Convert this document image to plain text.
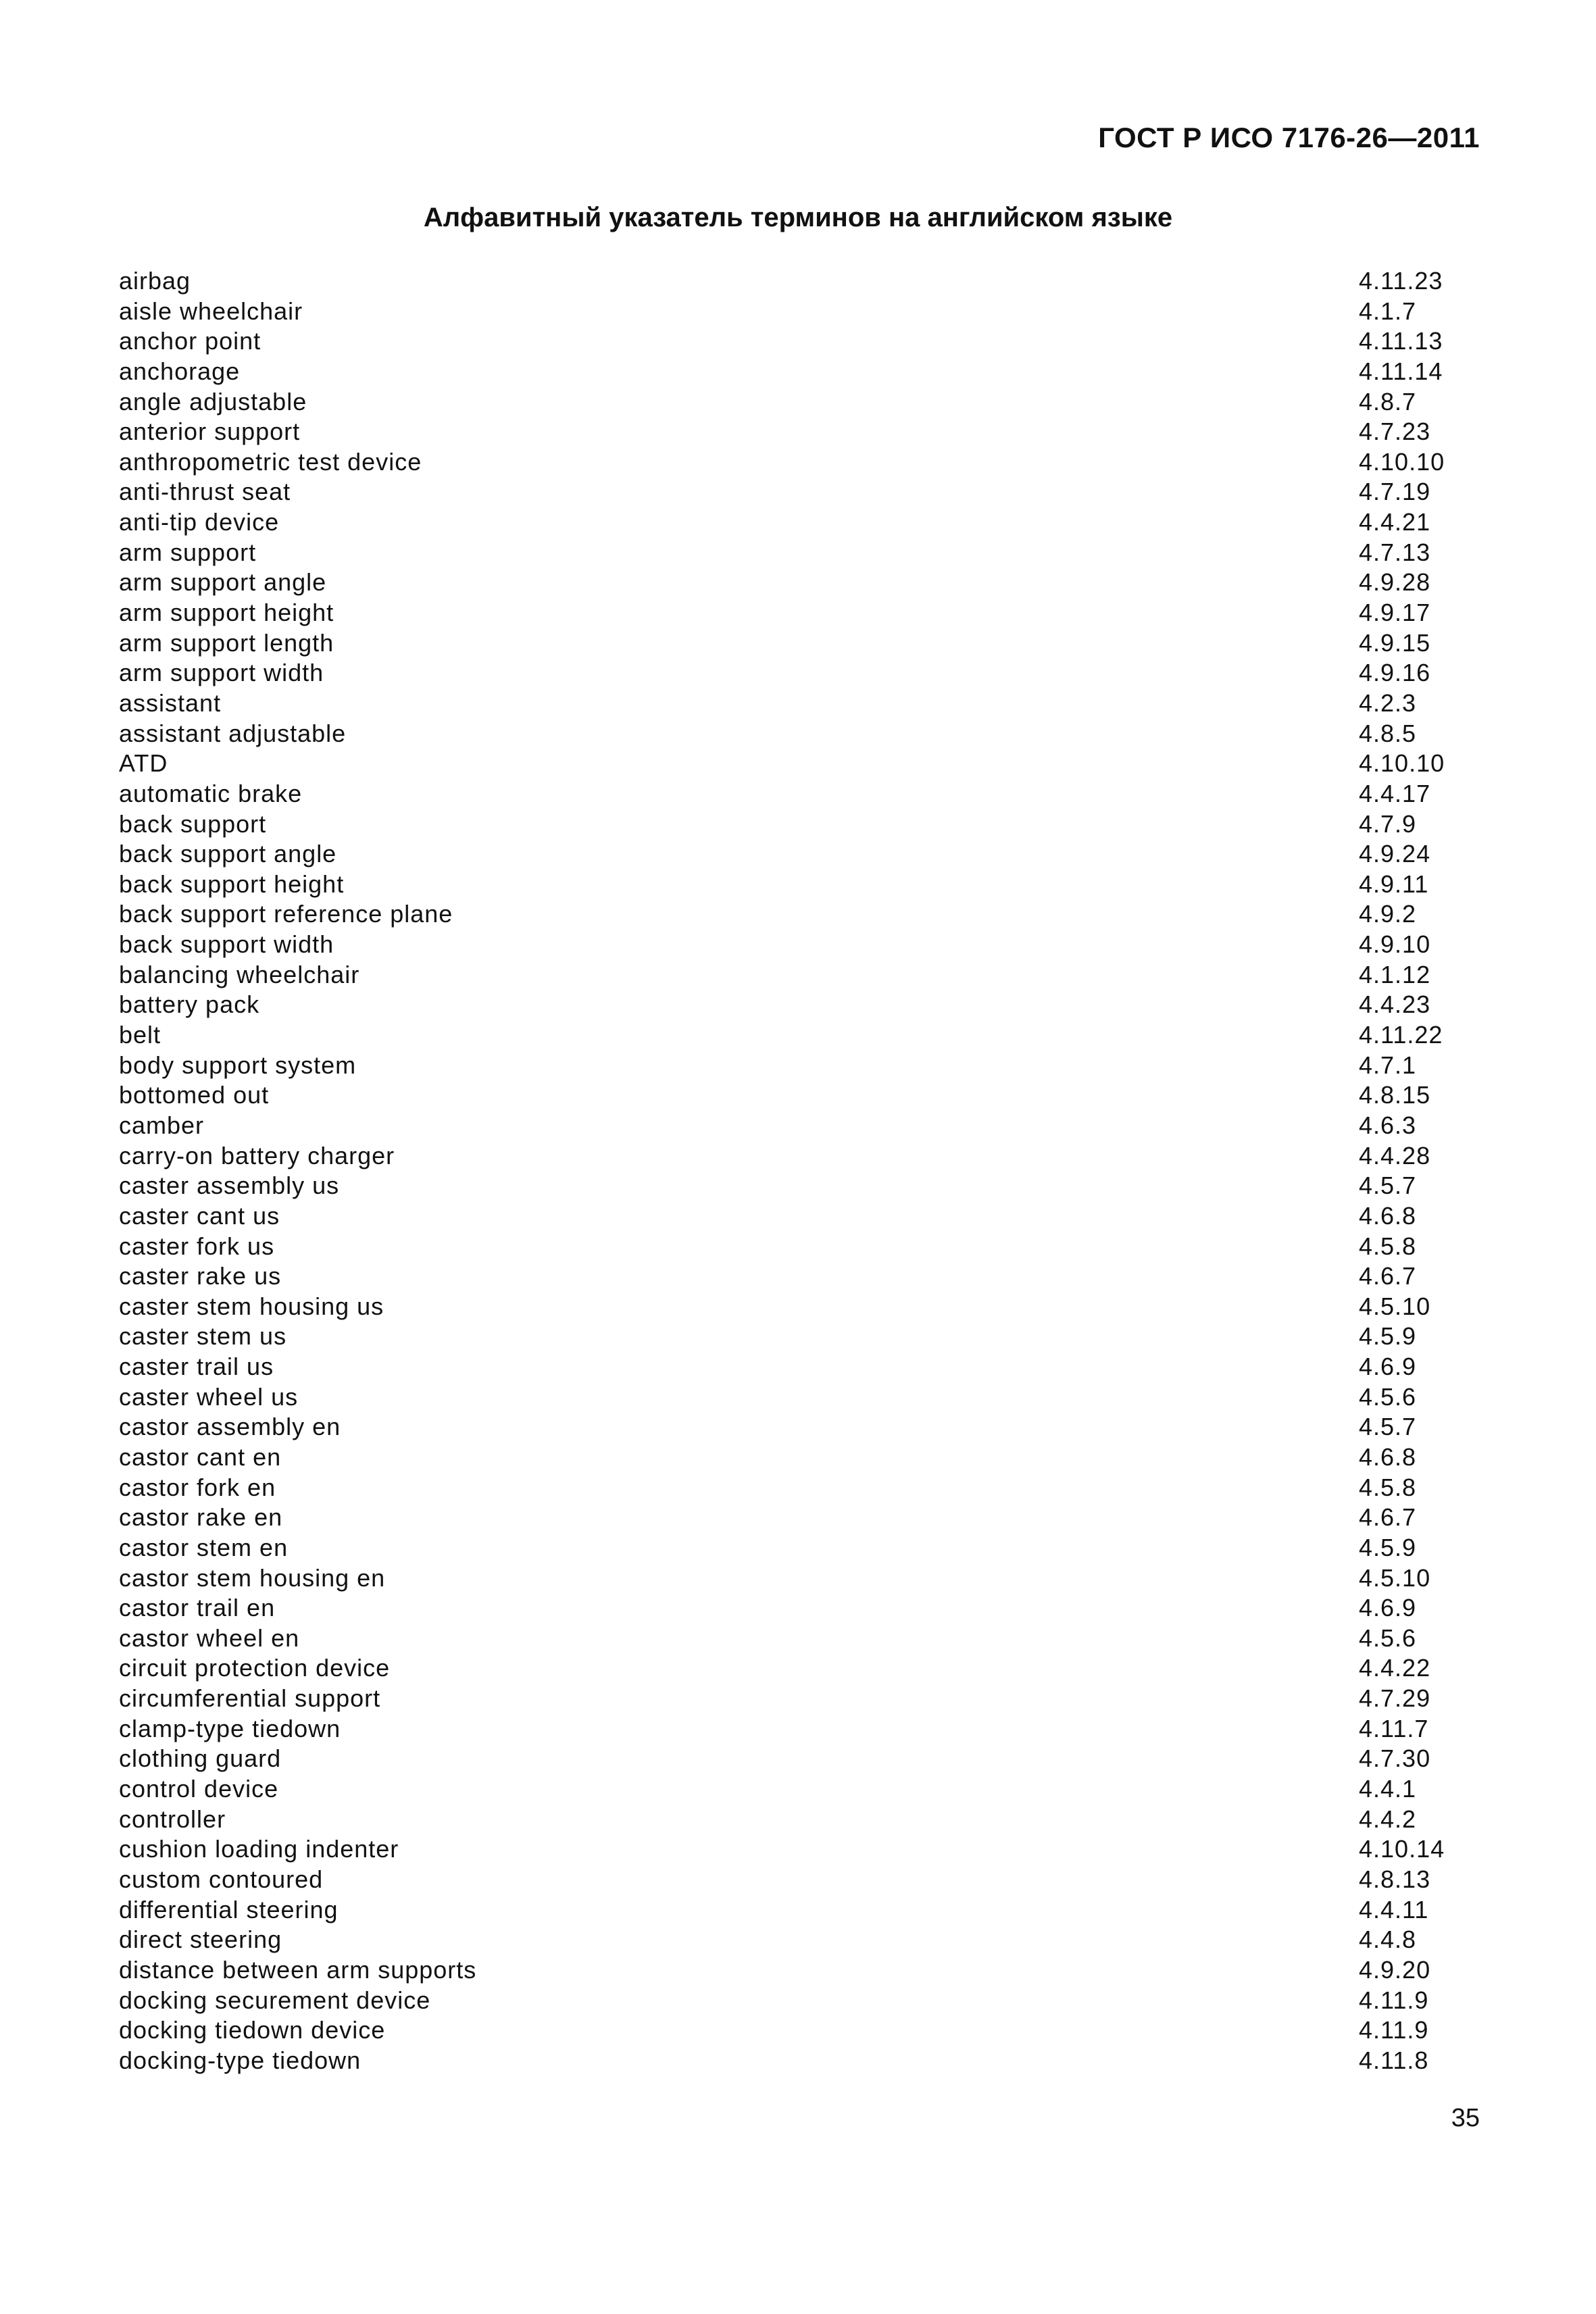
ГОСТ Р ИСО 7176-26—2011
Алфавитный указатель терминов на английском языке
airbag	4.11.23
aisle wheelchair	4.1.7
anchor point	4.11.13
anchorage	4.11.14
angle adjustable	4.8.7
anterior support	4.7.23
anthropometric test device	4.10.10
anti-thrust seat	4.7.19
anti-tip device	4.4.21
arm support	4.7.13
arm support angle	4.9.28
arm support height	4.9.17
arm support length	4.9.15
arm support width	4.9.16
assistant	4.2.3
assistant adjustable	4.8.5
ATD	4.10.10
automatic brake	4.4.17
back support	4.7.9
back support angle	4.9.24
back support height	4.9.11
back support reference plane	4.9.2
back support width	4.9.10
balancing wheelchair	4.1.12
battery pack	4.4.23
belt	4.11.22
body support system	4.7.1
bottomed out	4.8.15
camber	4.6.3
carry-on battery charger	4.4.28
caster assembly us	4.5.7
caster cant us	4.6.8
caster fork us	4.5.8
caster rake us	4.6.7
caster stem housing us	4.5.10
caster stem us	4.5.9
caster trail us	4.6.9
caster wheel us	4.5.6
castor assembly en	4.5.7
castor cant en	4.6.8
castor fork en	4.5.8
castor rake en	4.6.7
castor stem en	4.5.9
castor stem housing en	4.5.10
castor trail en	4.6.9
castor wheel en	4.5.6
circuit protection device	4.4.22
circumferential support	4.7.29
clamp-type tiedown	4.11.7
clothing guard	4.7.30
control device	4.4.1
controller	4.4.2
cushion loading indenter	4.10.14
custom contoured	4.8.13
differential steering	4.4.11
direct steering	4.4.8
distance between arm supports	4.9.20
docking securement device	4.11.9
docking tiedown device	4.11.9
docking-type tiedown	4.11.8
35
